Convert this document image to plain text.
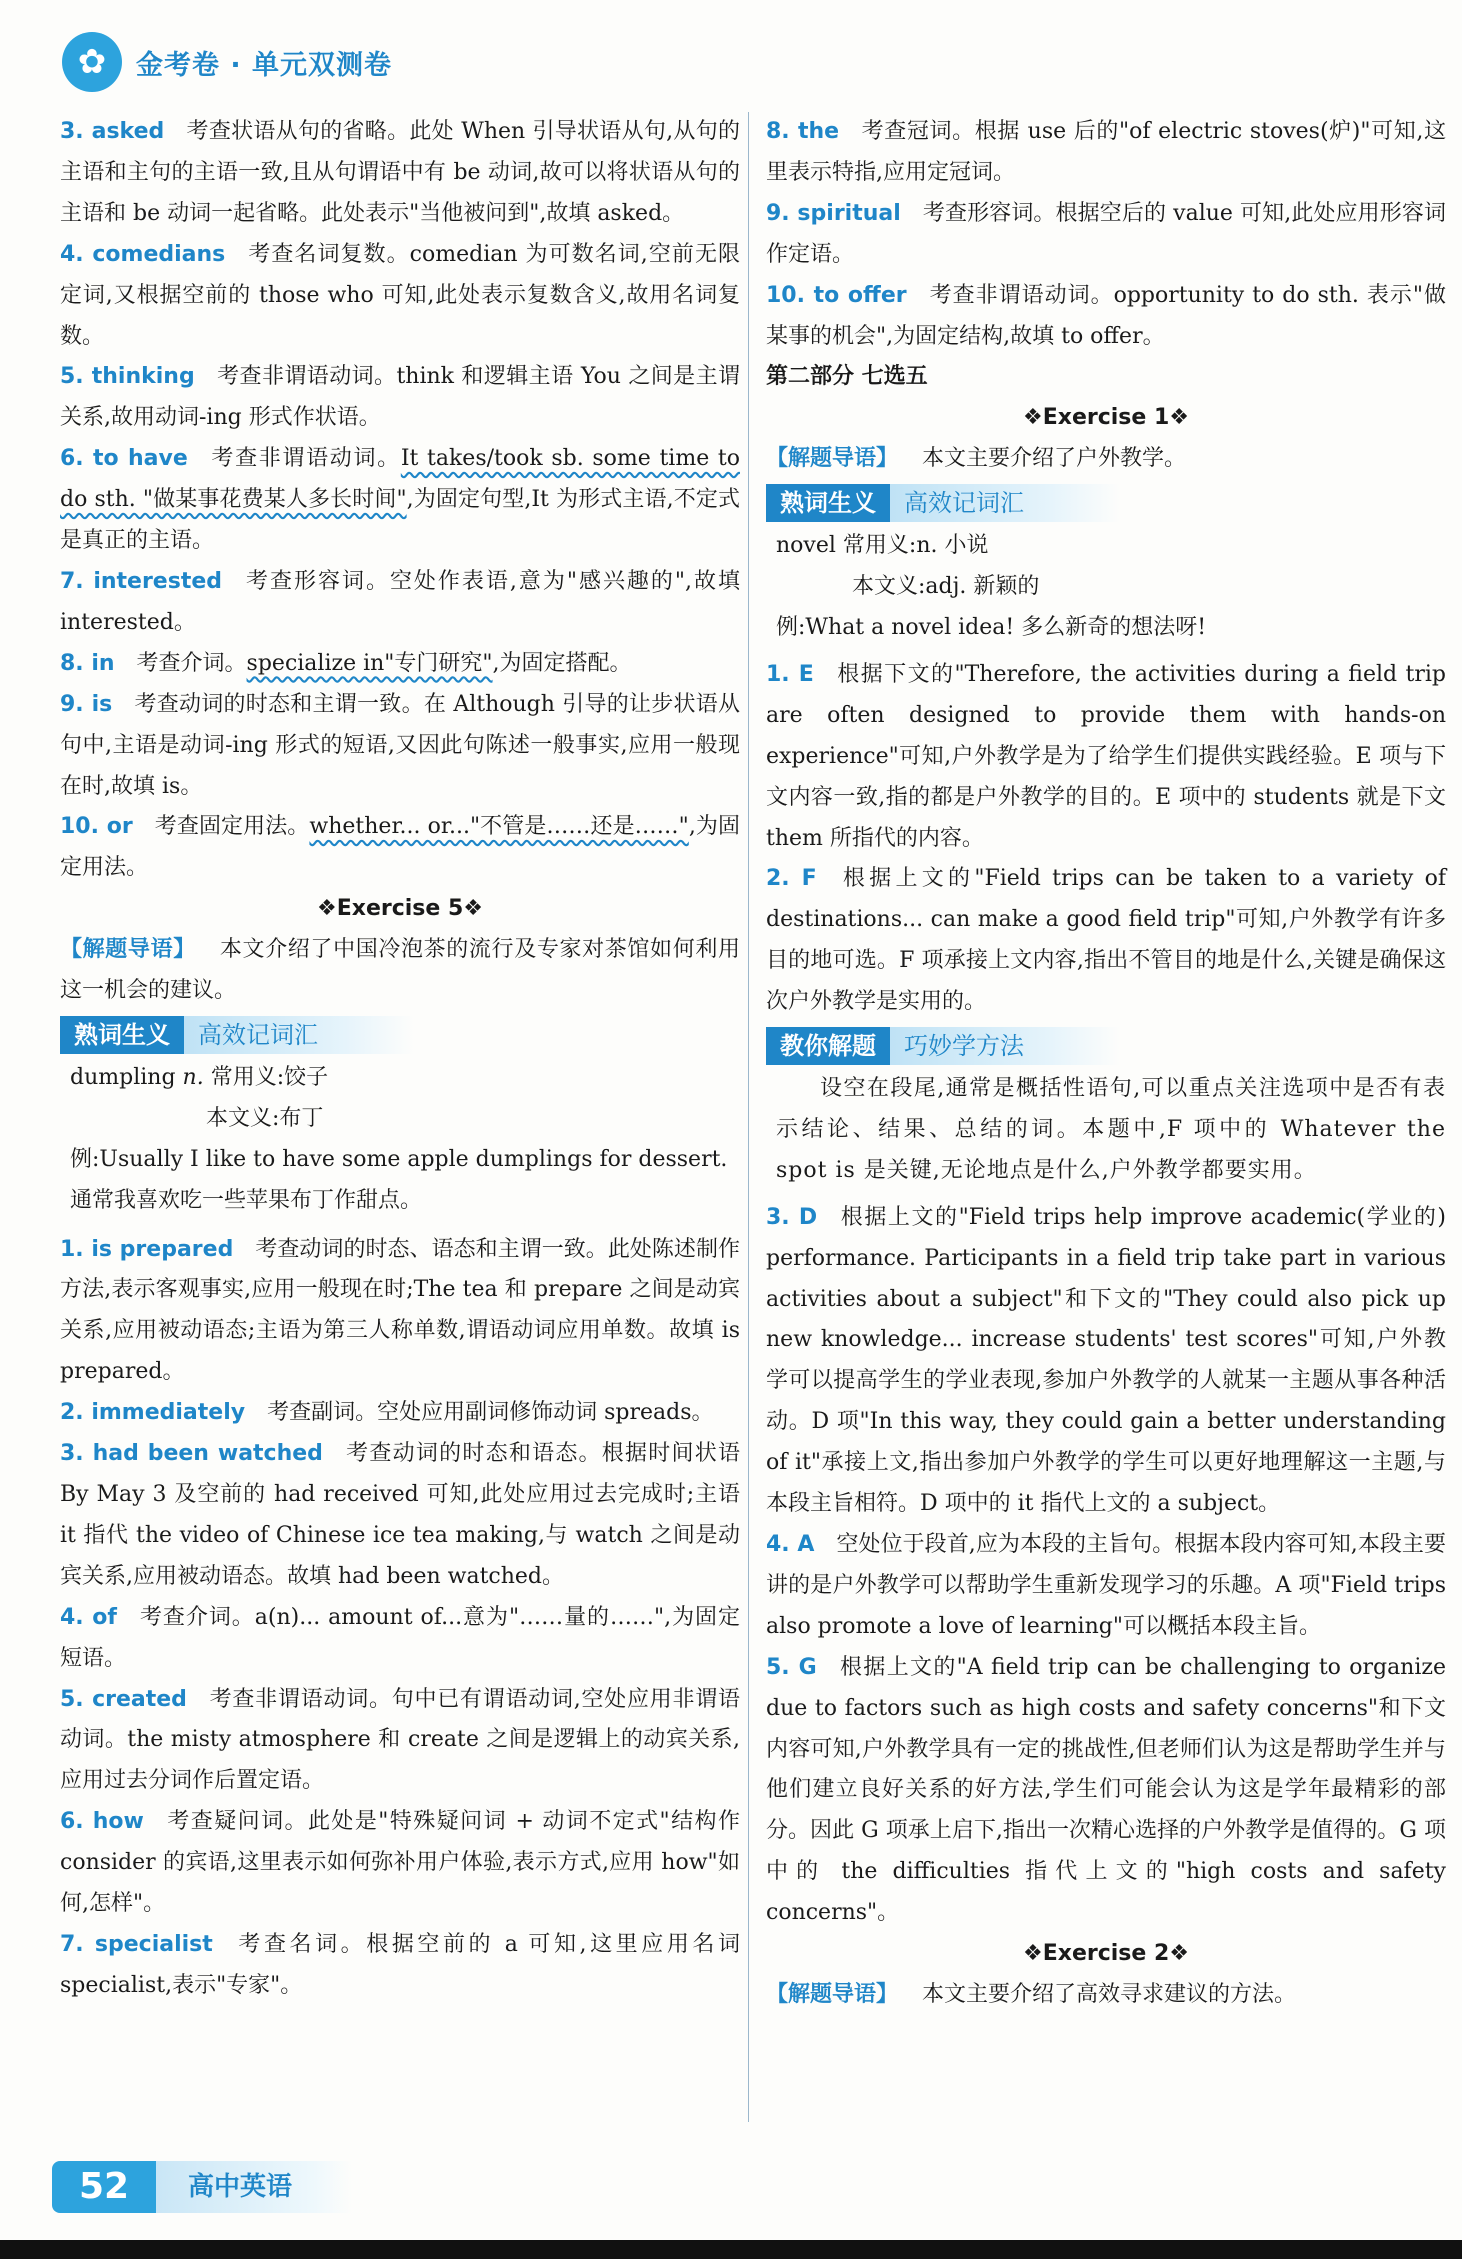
✿	金考卷 · 单元双测卷

3. asked 考查状语从句的省略。此处 When 引导状语从句,从句的主语和主句的主语一致,且从句谓语中有 be 动词,故可以将状语从句的主语和 be 动词一起省略。此处表示"当他被问到",故填 asked。

4. comedians 考查名词复数。comedian 为可数名词,空前无限定词,又根据空前的 those who 可知,此处表示复数含义,故用名词复数。

5. thinking 考查非谓语动词。think 和逻辑主语 You 之间是主谓关系,故用动词-ing 形式作状语。

6. to have 考查非谓语动词。It takes/took sb. some time to do sth. "做某事花费某人多长时间",为固定句型,It 为形式主语,不定式是真正的主语。

7. interested 考查形容词。空处作表语,意为"感兴趣的",故填 interested。

8. in 考查介词。specialize in"专门研究",为固定搭配。

9. is 考查动词的时态和主谓一致。在 Although 引导的让步状语从句中,主语是动词-ing 形式的短语,又因此句陈述一般事实,应用一般现在时,故填 is。

10. or 考查固定用法。whether... or..."不管是……还是……",为固定用法。

❖Exercise 5❖

【解题导语】 本文介绍了中国冷泡茶的流行及专家对茶馆如何利用这一机会的建议。

熟词生义	高效记词汇

dumpling n. 常用义:饺子

本文义:布丁

例:Usually I like to have some apple dumplings for dessert.

通常我喜欢吃一些苹果布丁作甜点。

1. is prepared 考查动词的时态、语态和主谓一致。此处陈述制作方法,表示客观事实,应用一般现在时;The tea 和 prepare 之间是动宾关系,应用被动语态;主语为第三人称单数,谓语动词应用单数。故填 is prepared。

2. immediately 考查副词。空处应用副词修饰动词 spreads。

3. had been watched 考查动词的时态和语态。根据时间状语 By May 3 及空前的 had received 可知,此处应用过去完成时;主语 it 指代 the video of Chinese ice tea making,与 watch 之间是动宾关系,应用被动语态。故填 had been watched。

4. of 考查介词。a(n)... amount of...意为"……量的……",为固定短语。

5. created 考查非谓语动词。句中已有谓语动词,空处应用非谓语动词。the misty atmosphere 和 create 之间是逻辑上的动宾关系,应用过去分词作后置定语。

6. how 考查疑问词。此处是"特殊疑问词 + 动词不定式"结构作 consider 的宾语,这里表示如何弥补用户体验,表示方式,应用 how"如何,怎样"。

7. specialist 考查名词。根据空前的 a 可知,这里应用名词 specialist,表示"专家"。

8. the 考查冠词。根据 use 后的"of electric stoves(炉)"可知,这里表示特指,应用定冠词。

9. spiritual 考查形容词。根据空后的 value 可知,此处应用形容词作定语。

10. to offer 考查非谓语动词。opportunity to do sth. 表示"做某事的机会",为固定结构,故填 to offer。

第二部分 七选五

❖Exercise 1❖

【解题导语】 本文主要介绍了户外教学。

熟词生义	高效记词汇

novel 常用义:n. 小说

本文义:adj. 新颖的

例:What a novel idea! 多么新奇的想法呀!

1. E 根据下文的"Therefore, the activities during a field trip are often designed to provide them with hands-on experience"可知,户外教学是为了给学生们提供实践经验。E 项与下文内容一致,指的都是户外教学的目的。E 项中的 students 就是下文 them 所指代的内容。

2. F 根据上文的"Field trips can be taken to a variety of destinations... can make a good field trip"可知,户外教学有许多目的地可选。F 项承接上文内容,指出不管目的地是什么,关键是确保这次户外教学是实用的。

教你解题	巧妙学方法

设空在段尾,通常是概括性语句,可以重点关注选项中是否有表示结论、结果、总结的词。本题中,F 项中的 Whatever the spot is 是关键,无论地点是什么,户外教学都要实用。

3. D 根据上文的"Field trips help improve academic(学业的) performance. Participants in a field trip take part in various activities about a subject"和下文的"They could also pick up new knowledge... increase students' test scores"可知,户外教学可以提高学生的学业表现,参加户外教学的人就某一主题从事各种活动。D 项"In this way, they could gain a better understanding of it"承接上文,指出参加户外教学的学生可以更好地理解这一主题,与本段主旨相符。D 项中的 it 指代上文的 a subject。

4. A 空处位于段首,应为本段的主旨句。根据本段内容可知,本段主要讲的是户外教学可以帮助学生重新发现学习的乐趣。A 项"Field trips also promote a love of learning"可以概括本段主旨。

5. G 根据上文的"A field trip can be challenging to organize due to factors such as high costs and safety concerns"和下文内容可知,户外教学具有一定的挑战性,但老师们认为这是帮助学生并与他们建立良好关系的好方法,学生们可能会认为这是学年最精彩的部分。因此 G 项承上启下,指出一次精心选择的户外教学是值得的。G 项中的 the difficulties 指代上文的"high costs and safety concerns"。

❖Exercise 2❖

【解题导语】 本文主要介绍了高效寻求建议的方法。

52	高中英语
